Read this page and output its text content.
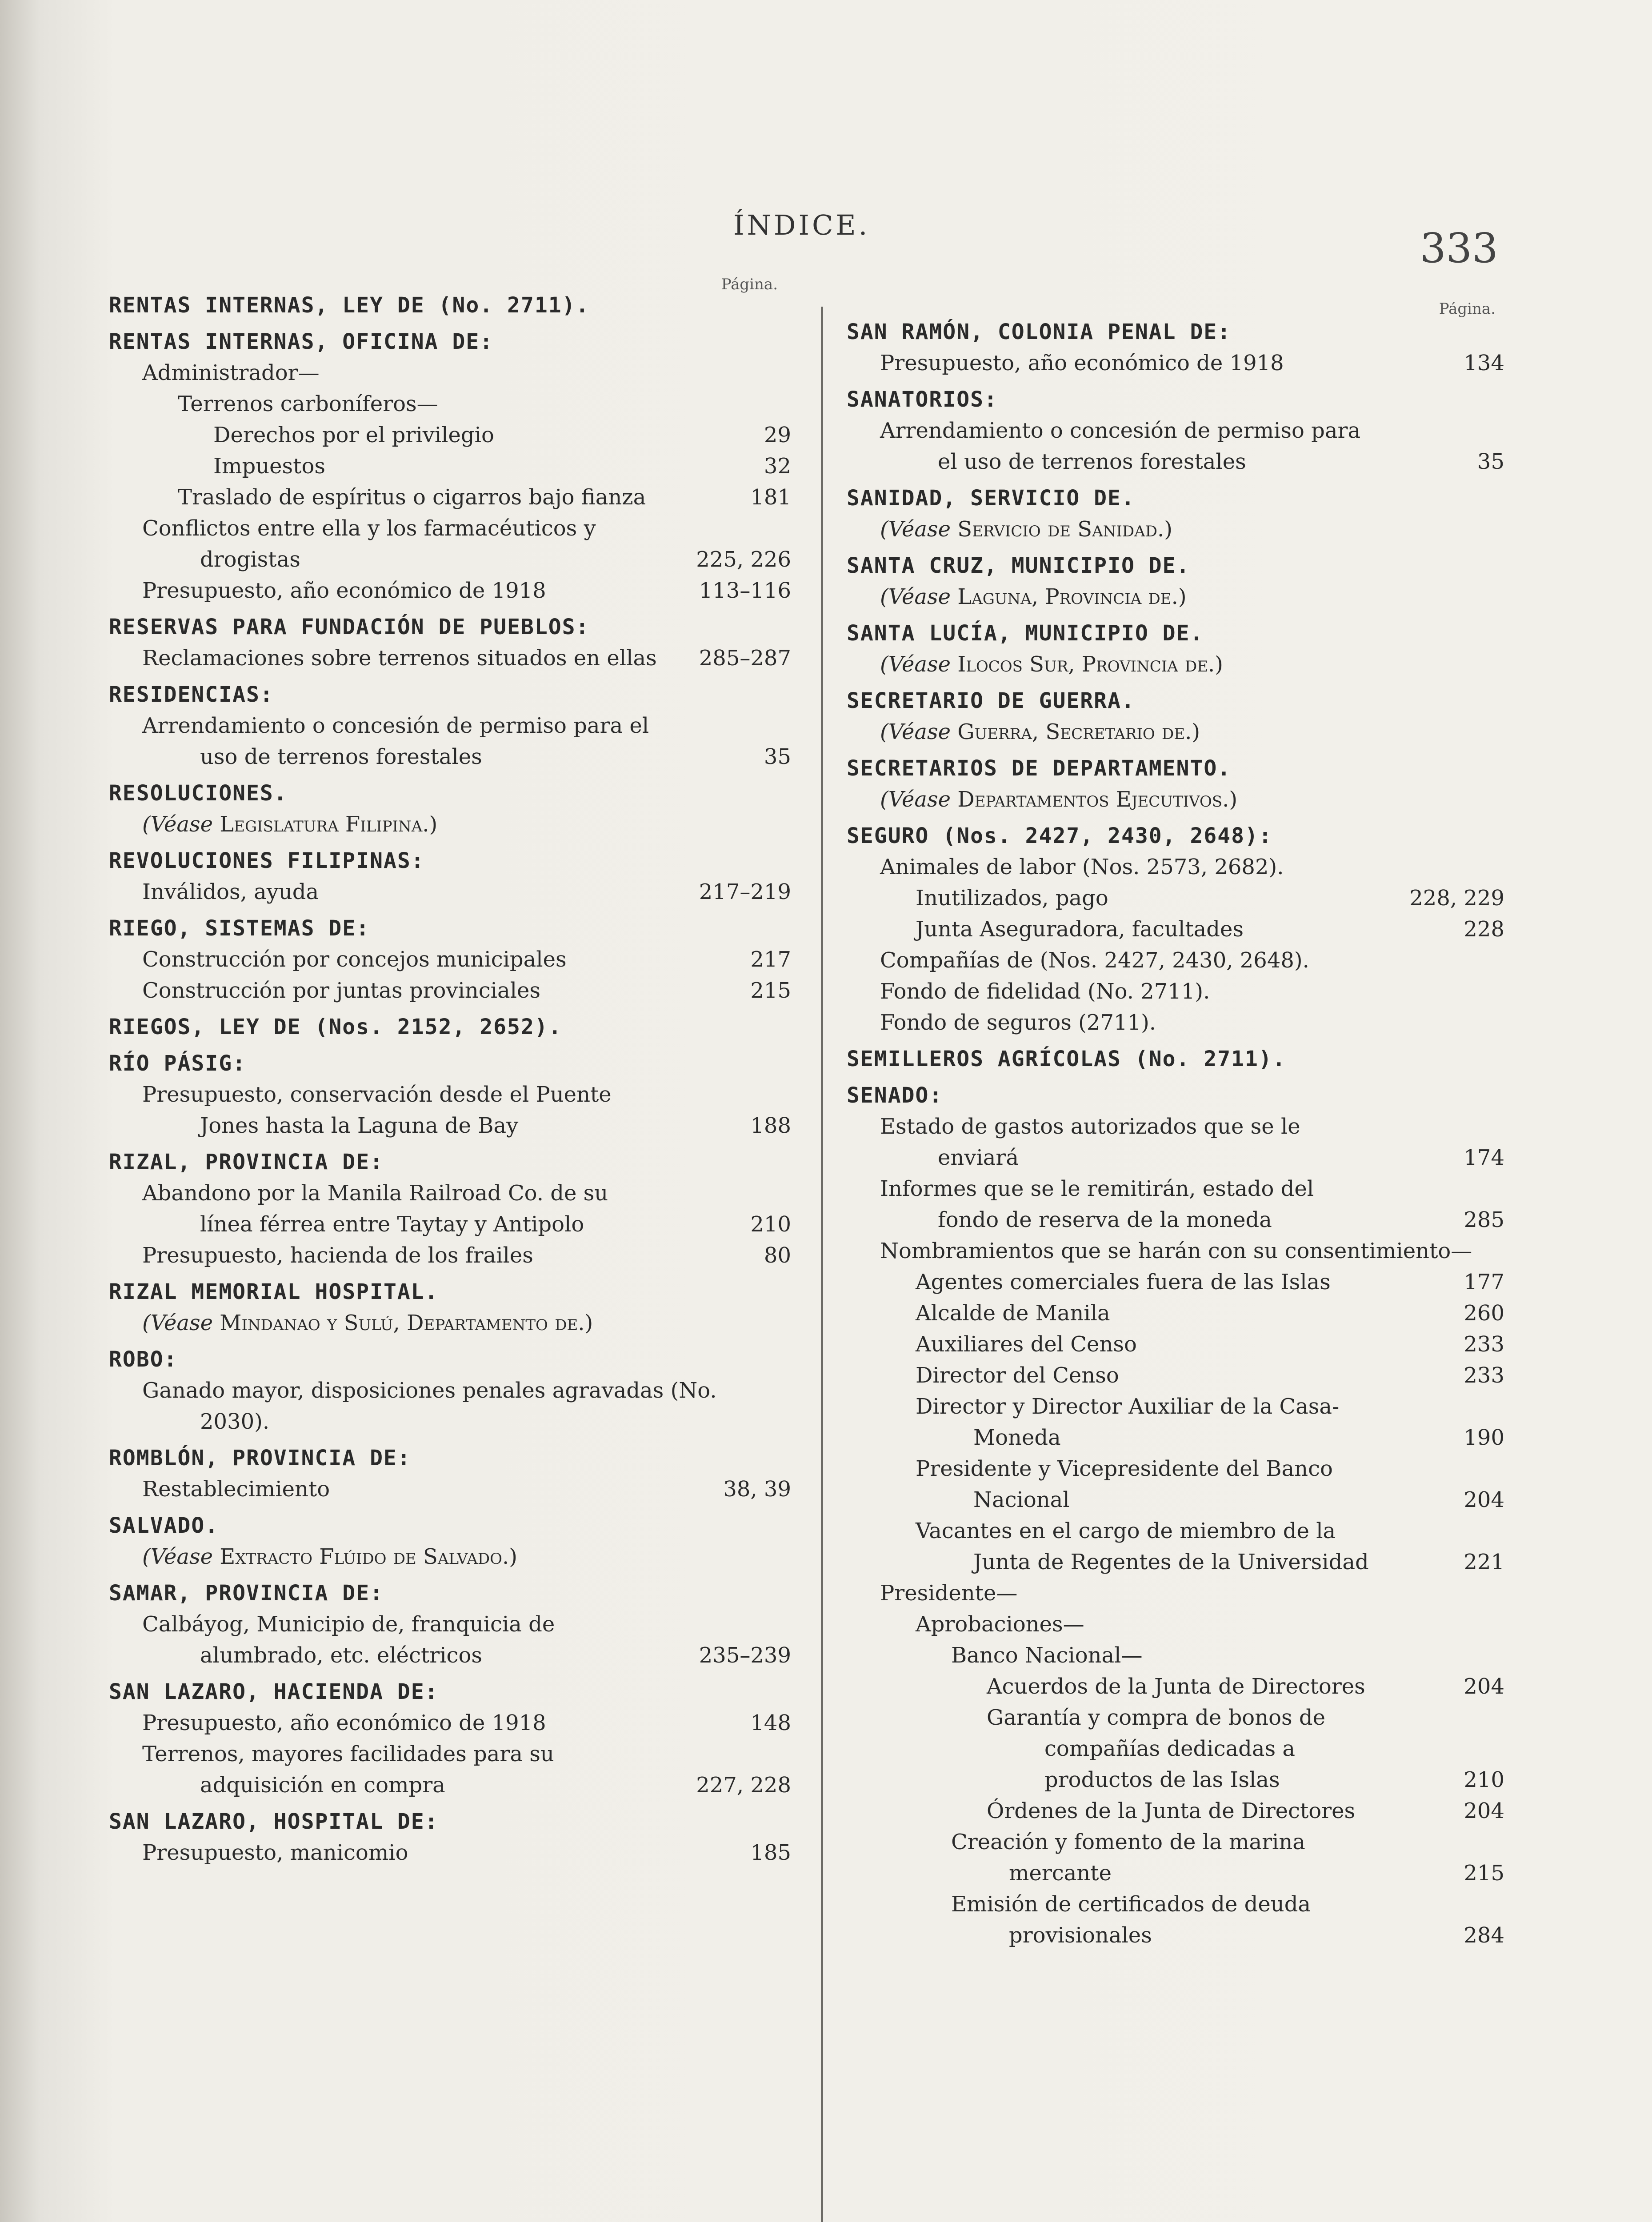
ÍNDICE.	333
Página.
RENTAS INTERNAS, LEY DE (No. 2711).
RENTAS INTERNAS, OFICINA DE:
Administrador—
Terrenos carboníferos—
Derechos por el privilegio	29
Impuestos	32
Traslado de espíritus o cigarros bajo fianza	181
Conflictos entre ella y los farmacéuticos y drogistas	225, 226
Presupuesto, año económico de 1918	113–116
RESERVAS PARA FUNDACIÓN DE PUEBLOS:
Reclamaciones sobre terrenos situados en ellas 285–287
RESIDENCIAS:
Arrendamiento o concesión de permiso para el uso de terrenos forestales	35
RESOLUCIONES.
(Véase Legislatura Filipina.)
REVOLUCIONES FILIPINAS:
Inválidos, ayuda	217–219
RIEGO, SISTEMAS DE:
Construcción por concejos municipales	217
Construcción por juntas provinciales	215
RIEGOS, LEY DE (Nos. 2152, 2652).
RÍO PÁSIG:
Presupuesto, conservación desde el Puente Jones hasta la Laguna de Bay	188
RIZAL, PROVINCIA DE:
Abandono por la Manila Railroad Co. de su línea férrea entre Taytay y Antipolo	210
Presupuesto, hacienda de los frailes	80
RIZAL MEMORIAL HOSPITAL.
(Véase Mindanao y Sulú, Departamento de.)
ROBO:
Ganado mayor, disposiciones penales agravadas (No. 2030).
ROMBLÓN, PROVINCIA DE:
Restablecimiento	38, 39
SALVADO.
(Véase Extracto Flúido de Salvado.)
SAMAR, PROVINCIA DE:
Calbáyog, Municipio de, franquicia de alumbrado, etc. eléctricos	235–239
SAN LAZARO, HACIENDA DE:
Presupuesto, año económico de 1918	148
Terrenos, mayores facilidades para su adquisición en compra	227, 228
SAN LAZARO, HOSPITAL DE:
Presupuesto, manicomio	185
Página.
SAN RAMÓN, COLONIA PENAL DE:
Presupuesto, año económico de 1918	134
SANATORIOS:
Arrendamiento o concesión de permiso para el uso de terrenos forestales	35
SANIDAD, SERVICIO DE.
(Véase Servicio de Sanidad.)
SANTA CRUZ, MUNICIPIO DE.
(Véase Laguna, Provincia de.)
SANTA LUCÍA, MUNICIPIO DE.
(Véase Ilocos Sur, Provincia de.)
SECRETARIO DE GUERRA.
(Véase Guerra, Secretario de.)
SECRETARIOS DE DEPARTAMENTO.
(Véase Departamentos Ejecutivos.)
SEGURO (Nos. 2427, 2430, 2648):
Animales de labor (Nos. 2573, 2682).
Inutilizados, pago	228, 229
Junta Aseguradora, facultades	228
Compañías de (Nos. 2427, 2430, 2648).
Fondo de fidelidad (No. 2711).
Fondo de seguros (2711).
SEMILLEROS AGRÍCOLAS (No. 2711).
SENADO:
Estado de gastos autorizados que se le enviará	174
Informes que se le remitirán, estado del fondo de reserva de la moneda	285
Nombramientos que se harán con su consentimiento—
Agentes comerciales fuera de las Islas	177
Alcalde de Manila	260
Auxiliares del Censo	233
Director del Censo	233
Director y Director Auxiliar de la Casa-Moneda	190
Presidente y Vicepresidente del Banco Nacional	204
Vacantes en el cargo de miembro de la Junta de Regentes de la Universidad	221
Presidente—
Aprobaciones—
Banco Nacional—
Acuerdos de la Junta de Directores	204
Garantía y compra de bonos de compañías dedicadas a productos de las Islas	210
Órdenes de la Junta de Directores	204
Creación y fomento de la marina mercante	215
Emisión de certificados de deuda provisionales	284
